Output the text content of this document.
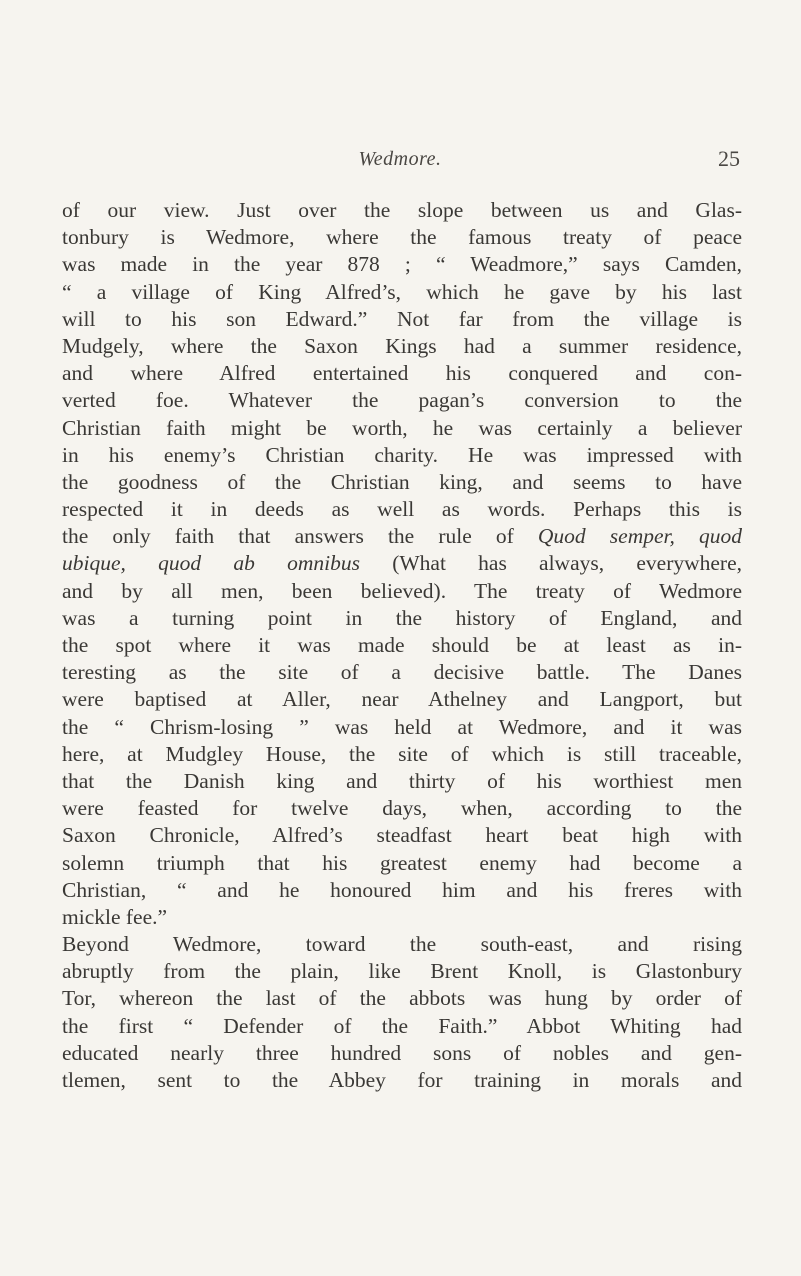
Wedmore.	25
of our view. Just over the slope between us and Glas-
tonbury is Wedmore, where the famous treaty of peace
was made in the year 878 ; “ Weadmore,” says Camden,
“ a village of King Alfred’s, which he gave by his last
will to his son Edward.” Not far from the village is
Mudgely, where the Saxon Kings had a summer residence,
and where Alfred entertained his conquered and con-
verted foe. Whatever the pagan’s conversion to the
Christian faith might be worth, he was certainly a believer
in his enemy’s Christian charity. He was impressed with
the goodness of the Christian king, and seems to have
respected it in deeds as well as words. Perhaps this is
the only faith that answers the rule of Quod semper, quod
ubique, quod ab omnibus (What has always, everywhere,
and by all men, been believed). The treaty of Wedmore
was a turning point in the history of England, and
the spot where it was made should be at least as in-
teresting as the site of a decisive battle. The Danes
were baptised at Aller, near Athelney and Langport, but
the “ Chrism-losing ” was held at Wedmore, and it was
here, at Mudgley House, the site of which is still traceable,
that the Danish king and thirty of his worthiest men
were feasted for twelve days, when, according to the
Saxon Chronicle, Alfred’s steadfast heart beat high with
solemn triumph that his greatest enemy had become a
Christian, “ and he honoured him and his freres with
mickle fee.”
Beyond Wedmore, toward the south-east, and rising
abruptly from the plain, like Brent Knoll, is Glastonbury
Tor, whereon the last of the abbots was hung by order of
the first “ Defender of the Faith.” Abbot Whiting had
educated nearly three hundred sons of nobles and gen-
tlemen, sent to the Abbey for training in morals and
